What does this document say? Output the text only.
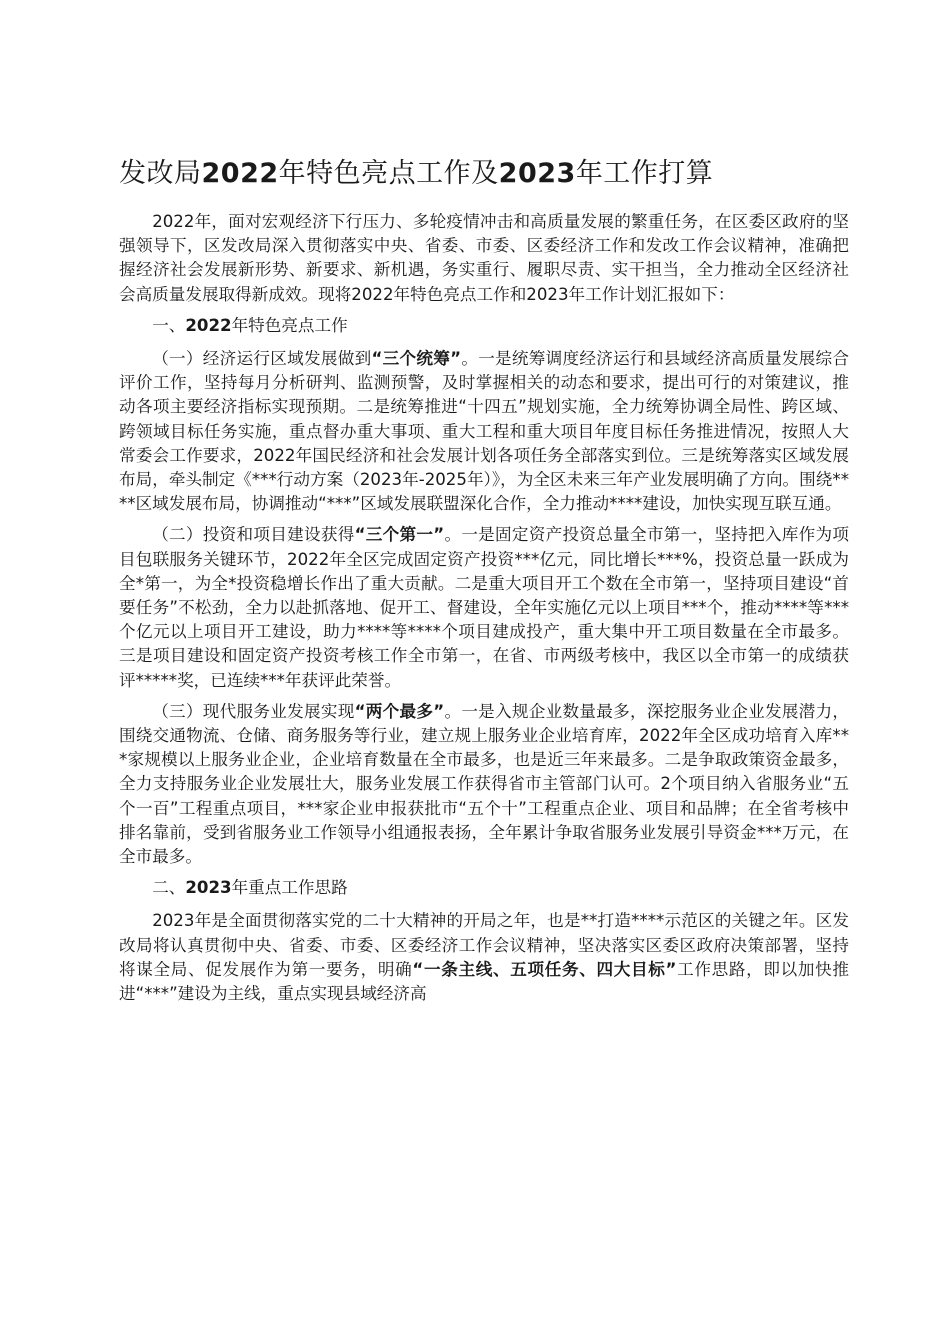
发改局2022年特色亮点工作及2023年工作打算

2022年，面对宏观经济下行压力、多轮疫情冲击和高质量发展的繁重任务，在区委区政府的坚强领导下，区发改局深入贯彻落实中央、省委、市委、区委经济工作和发改工作会议精神，准确把握经济社会发展新形势、新要求、新机遇，务实重行、履职尽责、实干担当，全力推动全区经济社会高质量发展取得新成效。现将2022年特色亮点工作和2023年工作计划汇报如下：

一、2022年特色亮点工作

（一）经济运行区域发展做到“三个统筹”。一是统筹调度经济运行和县域经济高质量发展综合评价工作，坚持每月分析研判、监测预警，及时掌握相关的动态和要求，提出可行的对策建议，推动各项主要经济指标实现预期。二是统筹推进“十四五”规划实施，全力统筹协调全局性、跨区域、跨领域目标任务实施，重点督办重大事项、重大工程和重大项目年度目标任务推进情况，按照人大常委会工作要求，2022年国民经济和社会发展计划各项任务全部落实到位。三是统筹落实区域发展布局，牵头制定《***行动方案（2023年-2025年）》，为全区未来三年产业发展明确了方向。围绕****区域发展布局，协调推动“***”区域发展联盟深化合作，全力推动****建设，加快实现互联互通。

（二）投资和项目建设获得“三个第一”。一是固定资产投资总量全市第一，坚持把入库作为项目包联服务关键环节，2022年全区完成固定资产投资***亿元，同比增长***%，投资总量一跃成为全*第一，为全*投资稳增长作出了重大贡献。二是重大项目开工个数在全市第一，坚持项目建设“首要任务”不松劲，全力以赴抓落地、促开工、督建设，全年实施亿元以上项目***个，推动****等***个亿元以上项目开工建设，助力****等****个项目建成投产，重大集中开工项目数量在全市最多。三是项目建设和固定资产投资考核工作全市第一，在省、市两级考核中，我区以全市第一的成绩获评*****奖，已连续***年获评此荣誉。

（三）现代服务业发展实现“两个最多”。一是入规企业数量最多，深挖服务业企业发展潜力，围绕交通物流、仓储、商务服务等行业，建立规上服务业企业培育库，2022年全区成功培育入库***家规模以上服务业企业，企业培育数量在全市最多，也是近三年来最多。二是争取政策资金最多，全力支持服务业企业发展壮大，服务业发展工作获得省市主管部门认可。2个项目纳入省服务业“五个一百”工程重点项目，***家企业申报获批市“五个十”工程重点企业、项目和品牌；在全省考核中排名靠前，受到省服务业工作领导小组通报表扬，全年累计争取省服务业发展引导资金***万元，在全市最多。

二、2023年重点工作思路

2023年是全面贯彻落实党的二十大精神的开局之年，也是**打造****示范区的关键之年。区发改局将认真贯彻中央、省委、市委、区委经济工作会议精神，坚决落实区委区政府决策部署，坚持将谋全局、促发展作为第一要务，明确“一条主线、五项任务、四大目标”工作思路，即以加快推进“***”建设为主线，重点实现县域经济高
